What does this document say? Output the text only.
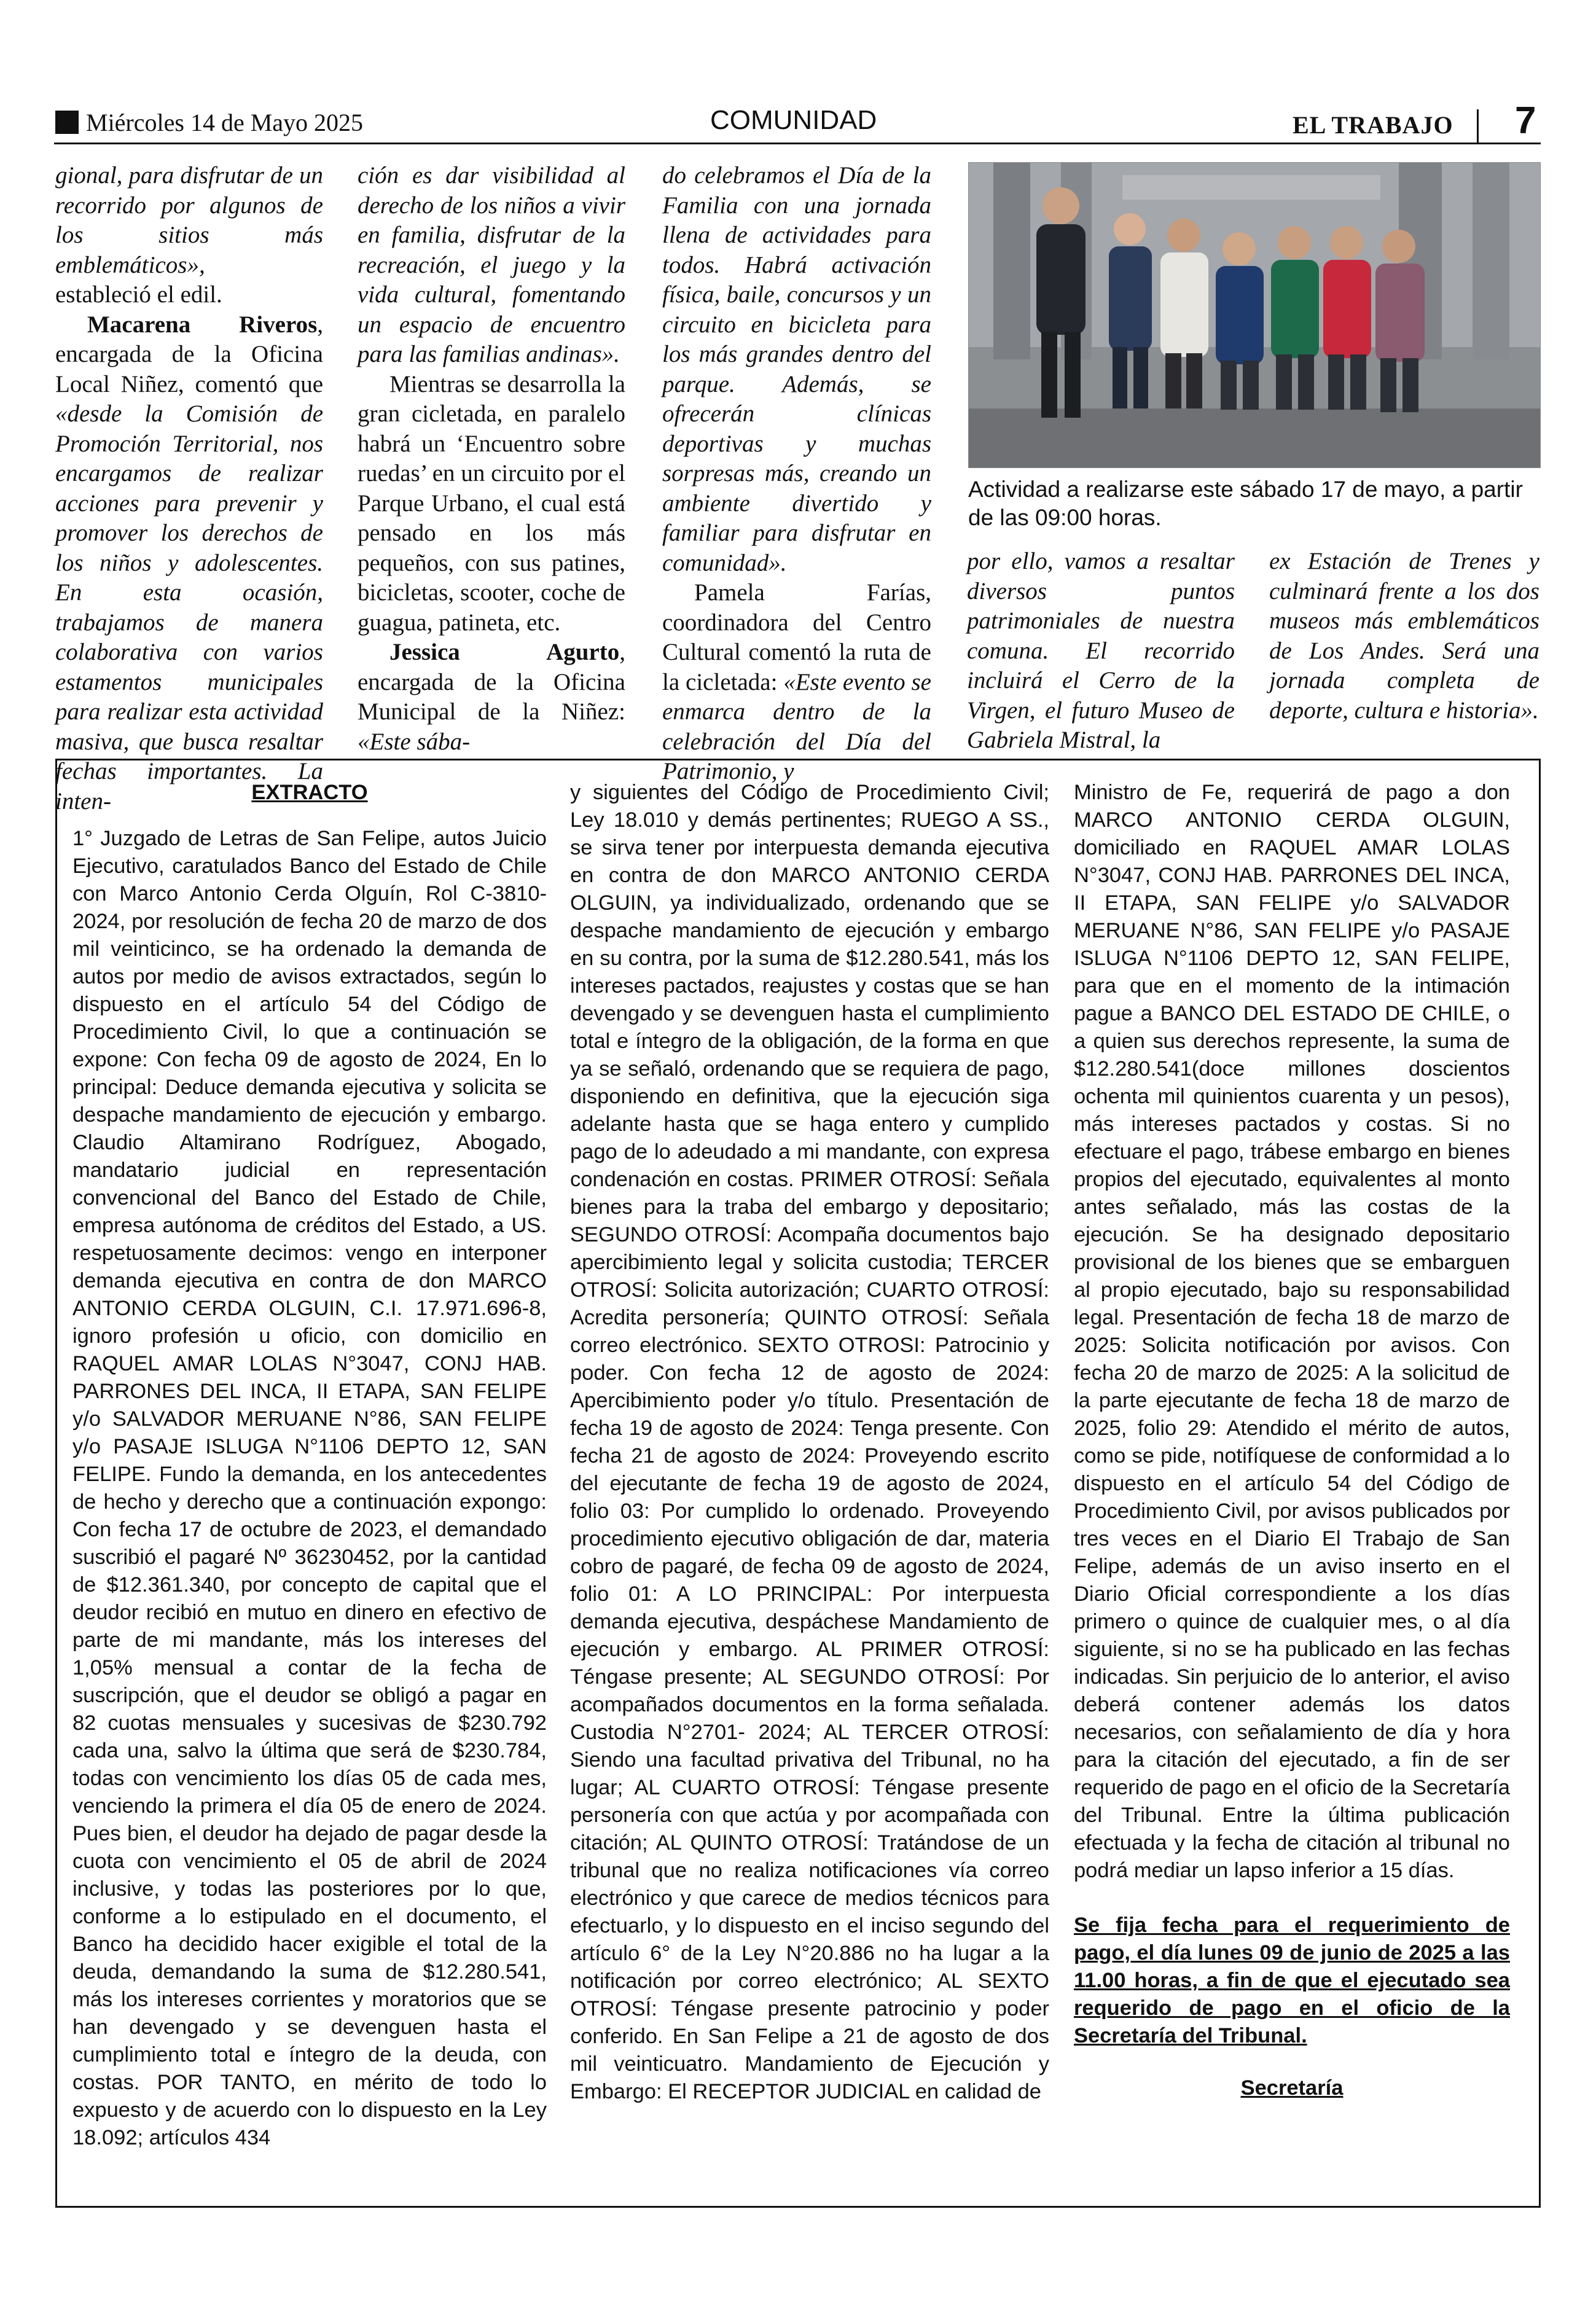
Miércoles 14 de Mayo 2025	COMUNIDAD	EL TRABAJO 7

gional, para disfrutar de un recorrido por algunos de los sitios más emblemáticos»,

estableció el edil.

Macarena Riveros, encargada de la Oficina Local Niñez, comentó que «desde la Comisión de Promoción Territorial, nos encargamos de realizar acciones para prevenir y promover los derechos de los niños y adolescentes. En esta ocasión, trabajamos de manera colaborativa con varios estamentos municipales para realizar esta actividad masiva, que busca resaltar fechas importantes. La inten-

ción es dar visibilidad al derecho de los niños a vivir en familia, disfrutar de la recreación, el juego y la vida cultural, fomentando un espacio de encuentro para las familias andinas».

Mientras se desarrolla la gran cicletada, en paralelo habrá un ‘Encuentro sobre ruedas’ en un circuito por el Parque Urbano, el cual está pensado en los más pequeños, con sus patines, bicicletas, scooter, coche de guagua, patineta, etc.

Jessica Agurto, encargada de la Oficina Municipal de la Niñez: «Este sába-

do celebramos el Día de la Familia con una jornada llena de actividades para todos. Habrá activación física, baile, concursos y un circuito en bicicleta para los más grandes dentro del parque. Además, se ofrecerán clínicas deportivas y muchas sorpresas más, creando un ambiente divertido y familiar para disfrutar en comunidad».

Pamela Farías, coordinadora del Centro Cultural comentó la ruta de la cicletada: «Este evento se enmarca dentro de la celebración del Día del Patrimonio, y

Actividad a realizarse este sábado 17 de mayo, a partir de las 09:00 horas.

por ello, vamos a resaltar diversos puntos patrimoniales de nuestra comuna. El recorrido incluirá el Cerro de la Virgen, el futuro Museo de Gabriela Mistral, la

ex Estación de Trenes y culminará frente a los dos museos más emblemáticos de Los Andes. Será una jornada completa de deporte, cultura e historia».

EXTRACTO

1° Juzgado de Letras de San Felipe, autos Juicio Ejecutivo, caratulados Banco del Estado de Chile con Marco Antonio Cerda Olguín, Rol C-3810-2024, por resolución de fecha 20 de marzo de dos mil veinticinco, se ha ordenado la demanda de autos por medio de avisos extractados, según lo dispuesto en el artículo 54 del Código de Procedimiento Civil, lo que a continuación se expone: Con fecha 09 de agosto de 2024, En lo principal: Deduce demanda ejecutiva y solicita se despache mandamiento de ejecución y embargo. Claudio Altamirano Rodríguez, Abogado, mandatario judicial en representación convencional del Banco del Estado de Chile, empresa autónoma de créditos del Estado, a US. respetuosamente decimos: vengo en interponer demanda ejecutiva en contra de don MARCO ANTONIO CERDA OLGUIN, C.I. 17.971.696-8, ignoro profesión u oficio, con domicilio en RAQUEL AMAR LOLAS N°3047, CONJ HAB. PARRONES DEL INCA, II ETAPA, SAN FELIPE y/o SALVADOR MERUANE N°86, SAN FELIPE y/o PASAJE ISLUGA N°1106 DEPTO 12, SAN FELIPE. Fundo la demanda, en los antecedentes de hecho y derecho que a continuación expongo: Con fecha 17 de octubre de 2023, el demandado suscribió el pagaré Nº 36230452, por la cantidad de $12.361.340, por concepto de capital que el deudor recibió en mutuo en dinero en efectivo de parte de mi mandante, más los intereses del 1,05% mensual a contar de la fecha de suscripción, que el deudor se obligó a pagar en 82 cuotas mensuales y sucesivas de $230.792 cada una, salvo la última que será de $230.784, todas con vencimiento los días 05 de cada mes, venciendo la primera el día 05 de enero de 2024. Pues bien, el deudor ha dejado de pagar desde la cuota con vencimiento el 05 de abril de 2024 inclusive, y todas las posteriores por lo que, conforme a lo estipulado en el documento, el Banco ha decidido hacer exigible el total de la deuda, demandando la suma de $12.280.541, más los intereses corrientes y moratorios que se han devengado y se devenguen hasta el cumplimiento total e íntegro de la deuda, con costas. POR TANTO, en mérito de todo lo expuesto y de acuerdo con lo dispuesto en la Ley 18.092; artículos 434

y siguientes del Código de Procedimiento Civil; Ley 18.010 y demás pertinentes; RUEGO A SS., se sirva tener por interpuesta demanda ejecutiva en contra de don MARCO ANTONIO CERDA OLGUIN, ya individualizado, ordenando que se despache mandamiento de ejecución y embargo en su contra, por la suma de $12.280.541, más los intereses pactados, reajustes y costas que se han devengado y se devenguen hasta el cumplimiento total e íntegro de la obligación, de la forma en que ya se señaló, ordenando que se requiera de pago, disponiendo en definitiva, que la ejecución siga adelante hasta que se haga entero y cumplido pago de lo adeudado a mi mandante, con expresa condenación en costas. PRIMER OTROSÍ: Señala bienes para la traba del embargo y depositario; SEGUNDO OTROSÍ: Acompaña documentos bajo apercibimiento legal y solicita custodia; TERCER OTROSÍ: Solicita autorización; CUARTO OTROSÍ: Acredita personería; QUINTO OTROSÍ: Señala correo electrónico. SEXTO OTROSI: Patrocinio y poder. Con fecha 12 de agosto de 2024: Apercibimiento poder y/o título. Presentación de fecha 19 de agosto de 2024: Tenga presente. Con fecha 21 de agosto de 2024: Proveyendo escrito del ejecutante de fecha 19 de agosto de 2024, folio 03: Por cumplido lo ordenado. Proveyendo procedimiento ejecutivo obligación de dar, materia cobro de pagaré, de fecha 09 de agosto de 2024, folio 01: A LO PRINCIPAL: Por interpuesta demanda ejecutiva, despáchese Mandamiento de ejecución y embargo. AL PRIMER OTROSÍ: Téngase presente; AL SEGUNDO OTROSÍ: Por acompañados documentos en la forma señalada. Custodia N°2701- 2024; AL TERCER OTROSÍ: Siendo una facultad privativa del Tribunal, no ha lugar; AL CUARTO OTROSÍ: Téngase presente personería con que actúa y por acompañada con citación; AL QUINTO OTROSÍ: Tratándose de un tribunal que no realiza notificaciones vía correo electrónico y que carece de medios técnicos para efectuarlo, y lo dispuesto en el inciso segundo del artículo 6° de la Ley N°20.886 no ha lugar a la notificación por correo electrónico; AL SEXTO OTROSÍ: Téngase presente patrocinio y poder conferido. En San Felipe a 21 de agosto de dos mil veinticuatro. Mandamiento de Ejecución y Embargo: El RECEPTOR JUDICIAL en calidad de

Ministro de Fe, requerirá de pago a don MARCO ANTONIO CERDA OLGUIN, domiciliado en RAQUEL AMAR LOLAS N°3047, CONJ HAB. PARRONES DEL INCA, II ETAPA, SAN FELIPE y/o SALVADOR MERUANE N°86, SAN FELIPE y/o PASAJE ISLUGA N°1106 DEPTO 12, SAN FELIPE, para que en el momento de la intimación pague a BANCO DEL ESTADO DE CHILE, o a quien sus derechos represente, la suma de $12.280.541(doce millones doscientos ochenta mil quinientos cuarenta y un pesos), más intereses pactados y costas. Si no efectuare el pago, trábese embargo en bienes propios del ejecutado, equivalentes al monto antes señalado, más las costas de la ejecución. Se ha designado depositario provisional de los bienes que se embarguen al propio ejecutado, bajo su responsabilidad legal. Presentación de fecha 18 de marzo de 2025: Solicita notificación por avisos. Con fecha 20 de marzo de 2025: A la solicitud de la parte ejecutante de fecha 18 de marzo de 2025, folio 29: Atendido el mérito de autos, como se pide, notifíquese de conformidad a lo dispuesto en el artículo 54 del Código de Procedimiento Civil, por avisos publicados por tres veces en el Diario El Trabajo de San Felipe, además de un aviso inserto en el Diario Oficial correspondiente a los días primero o quince de cualquier mes, o al día siguiente, si no se ha publicado en las fechas indicadas. Sin perjuicio de lo anterior, el aviso deberá contener además los datos necesarios, con señalamiento de día y hora para la citación del ejecutado, a fin de ser requerido de pago en el oficio de la Secretaría del Tribunal. Entre la última publicación efectuada y la fecha de citación al tribunal no podrá mediar un lapso inferior a 15 días.

Se fija fecha para el requerimiento de pago, el día lunes 09 de junio de 2025 a las 11.00 horas, a fin de que el ejecutado sea requerido de pago en el oficio de la Secretaría del Tribunal.

Secretaría
